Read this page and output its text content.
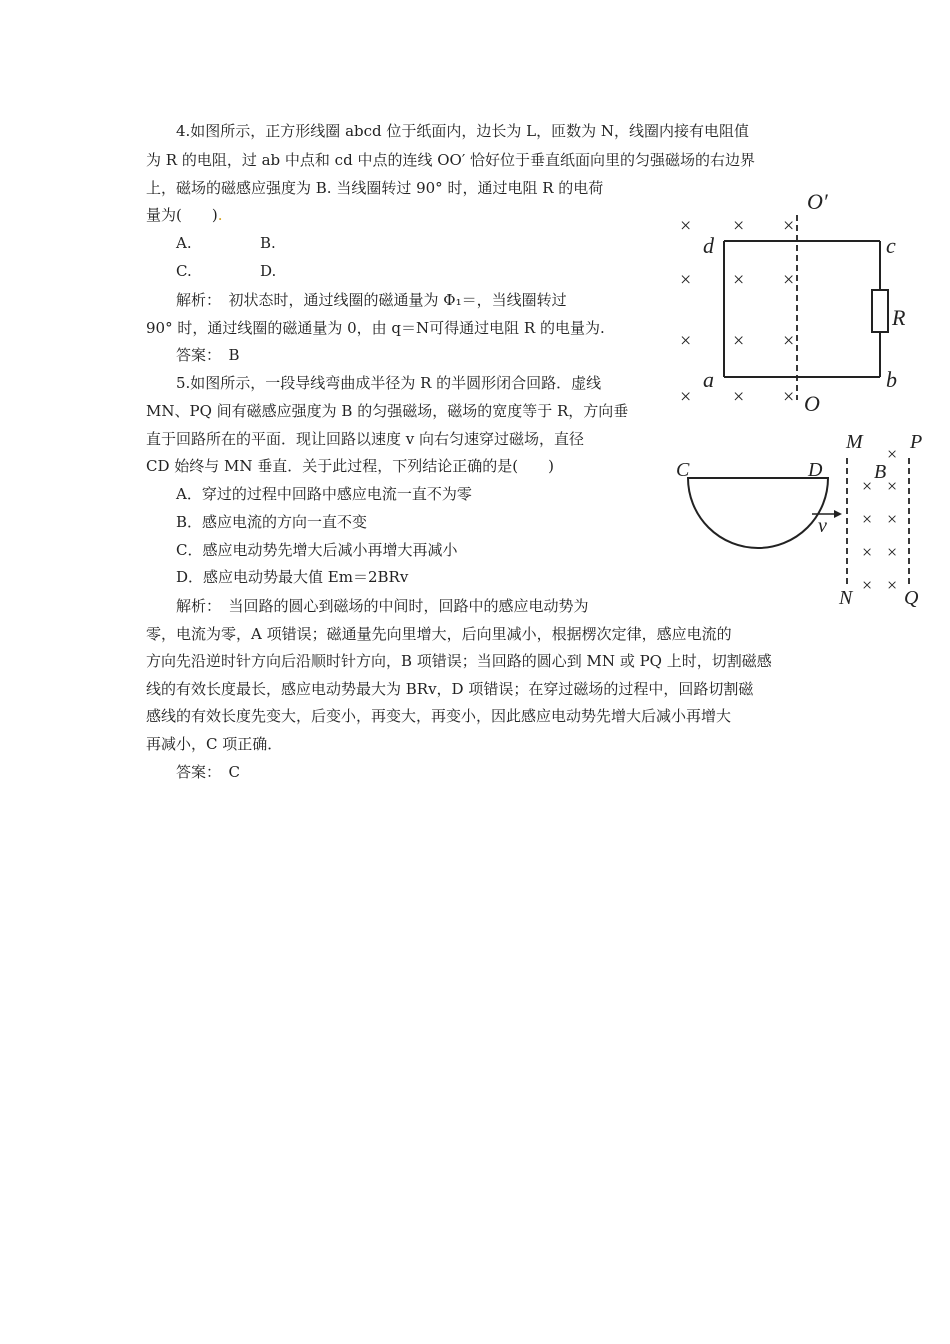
4.如图所示，正方形线圈 abcd 位于纸面内，边长为 L，匝数为 N，线圈内接有电阻值
为 R 的电阻，过 ab 中点和 cd 中点的连线 OO′ 恰好位于垂直纸面向里的匀强磁场的右边界
上，磁场的磁感应强度为 B. 当线圈转过 90° 时，通过电阻 R 的电荷
量为(　　).
A.	B.
C.	D.
解析：　初状态时，通过线圈的磁通量为 Φ₁＝，当线圈转过
90° 时，通过线圈的磁通量为 0，由 q＝N可得通过电阻 R 的电量为.
答案：　B
× × ×
× × ×
× × ×
× × ×
O′
O
d	c
a	b
R
5.如图所示，一段导线弯曲成半径为 R 的半圆形闭合回路．虚线
MN、PQ 间有磁感应强度为 B 的匀强磁场，磁场的宽度等于 R，方向垂
直于回路所在的平面．现让回路以速度 v 向右匀速穿过磁场，直径
CD 始终与 MN 垂直．关于此过程，下列结论正确的是(　　)
A．穿过的过程中回路中感应电流一直不为零
B．感应电流的方向一直不变
C．感应电动势先增大后减小再增大再减小
D．感应电动势最大值 Em＝2BRv
解析：　当回路的圆心到磁场的中间时，回路中的感应电动势为
零，电流为零，A 项错误；磁通量先向里增大，后向里减小，根据楞次定律，感应电流的
方向先沿逆时针方向后沿顺时针方向，B 项错误；当回路的圆心到 MN 或 PQ 上时，切割磁感
线的有效长度最长，感应电动势最大为 BRv，D 项错误；在穿过磁场的过程中，回路切割磁
感线的有效长度先变大，后变小，再变大，再变小，因此感应电动势先增大后减小再增大
再减小，C 项正确．
答案：　C
×
× ×
× ×
× ×
× ×
M P
B
N	Q
C	D
v
